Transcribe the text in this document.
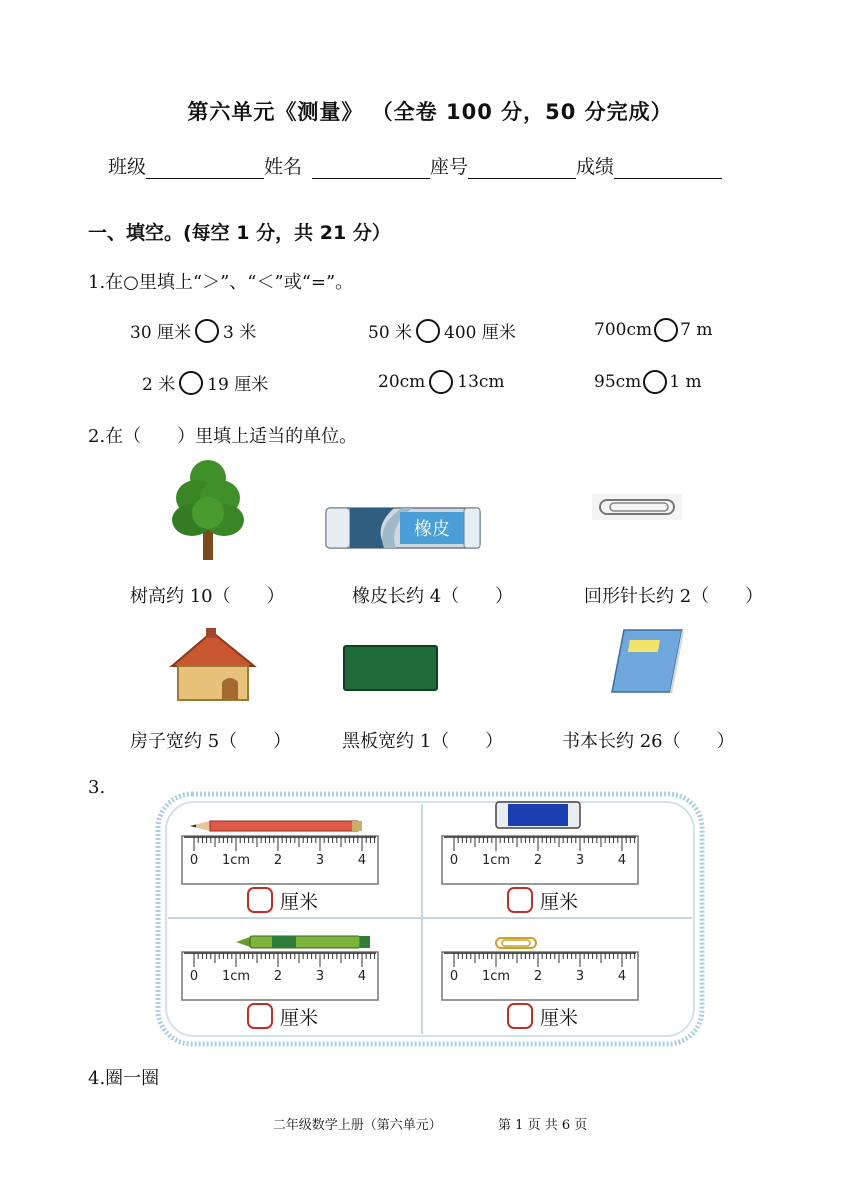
第六单元《测量》 （全卷 100 分，50 分完成）
班级	姓名	座号	成绩
一、填空。(每空 1 分，共 21 分）
1.在○里填上“＞”、“＜”或“=”。
30 厘米 3 米	50 米 400 厘米	700cm 7 m
2 米 19 厘米	20cm 13cm	95cm 1 m
2.在（　　）里填上适当的单位。
橡皮
树高约 10（　　）	橡皮长约 4（　　）	回形针长约 2（　　）
房子宽约 5（　　）	黑板宽约 1（　　）	书本长约 26（　　）
3.
0 1cm 2	3	4
厘米
0 1cm 2	3	4
厘米
0 1cm 2	3	4
厘米
0 1cm 2	3	4
厘米
4.圈一圈
二年级数学上册（第六单元）	第 1 页 共 6 页
